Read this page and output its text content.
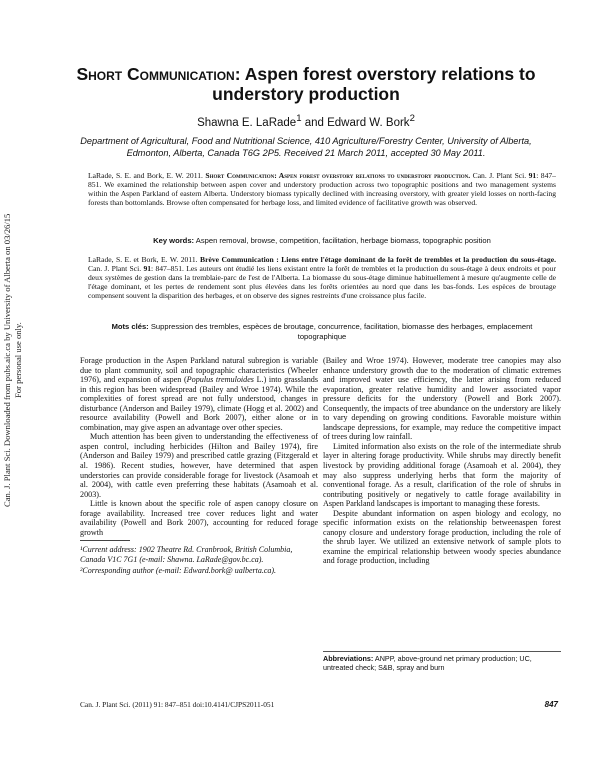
Can. J. Plant Sci. Downloaded from pubs.aic.ca by University of Alberta on 03/26/15
For personal use only.
Short Communication: Aspen forest overstory relations to understory production
Shawna E. LaRade$^1$ and Edward W. Bork$^2$
Department of Agricultural, Food and Nutritional Science, 410 Agriculture/Forestry Center, University of Alberta, Edmonton, Alberta, Canada T6G 2P5. Received 21 March 2011, accepted 30 May 2011.
LaRade, S. E. and Bork, E. W. 2011. Short Communication: Aspen forest overstory relations to understory production. Can. J. Plant Sci. 91: 847–851. We examined the relationship between aspen cover and understory production across two topographic positions and two management systems within the Aspen Parkland of eastern Alberta. Understory biomass typically declined with increasing overstory, with greater yield losses on north-facing forests than bottomlands. Browse often compensated for herbage loss, and limited evidence of facilitative growth was observed.
Key words: Aspen removal, browse, competition, facilitation, herbage biomass, topographic position
LaRade, S. E. et Bork, E. W. 2011. Brève Communication : Liens entre l'étage dominant de la forêt de trembles et la production du sous-étage. Can. J. Plant Sci. 91: 847–851. Les auteurs ont étudié les liens existant entre la forêt de trembles et la production du sous-étage à deux endroits et pour deux systèmes de gestion dans la tremblaie-parc de l'est de l'Alberta. La biomasse du sous-étage diminue habituellement à mesure qu'augmente celle de l'étage dominant, et les pertes de rendement sont plus élevées dans les forêts orientées au nord que dans les bas-fonds. Les espèces de broutage compensent souvent la disparition des herbages, et on observe des signes restreints d'une croissance plus facile.
Mots clés: Suppression des trembles, espèces de broutage, concurrence, facilitation, biomasse des herbages, emplacement topographique

Forage production in the Aspen Parkland natural subregion is variable due to plant community, soil and topographic characteristics (Wheeler 1976), and expansion of aspen (Populus tremuloides L.) into grasslands in this region has been widespread (Bailey and Wroe 1974). While the complexities of forest spread are not fully understood, changes in disturbance (Anderson and Bailey 1979), climate (Hogg et al. 2002) and resource availability (Powell and Bork 2007), either alone or in combination, may give aspen an advantage over other species.

Much attention has been given to understanding the effectiveness of aspen control, including herbicides (Hilton and Bailey 1974), fire (Anderson and Bailey 1979) and prescribed cattle grazing (Fitzgerald et al. 1986). Recent studies, however, have determined that aspen understories can provide considerable forage for livestock (Asamoah et al. 2004), with cattle even preferring these habitats (Asamoah et al. 2003).

Little is known about the specific role of aspen canopy closure on forage availability. Increased tree cover reduces light and water availability (Powell and Bork 2007), accounting for reduced forage growth

¹Current address: 1902 Theatre Rd. Cranbrook, British Columbia, Canada V1C 7G1 (e-mail: Shawna. LaRade@gov.bc.ca).
²Corresponding author (e-mail: Edward.bork@ ualberta.ca).

(Bailey and Wroe 1974). However, moderate tree canopies may also enhance understory growth due to the moderation of climatic extremes and improved water use efficiency, the latter arising from reduced evaporation, greater relative humidity and lower associated vapor pressure deficits for the understory (Powell and Bork 2007). Consequently, the impacts of tree abundance on the understory are likely to vary depending on growing conditions. Favorable moisture within landscape depressions, for example, may reduce the competitive impact of trees during low rainfall.

Limited information also exists on the role of the intermediate shrub layer in altering forage productivity. While shrubs may directly benefit livestock by providing additional forage (Asamoah et al. 2004), they may also suppress underlying herbs that form the majority of conventional forage. As a result, clarification of the role of shrubs in contributing positively or negatively to cattle forage availability in Aspen Parkland landscapes is important to managing these forests.

Despite abundant information on aspen biology and ecology, no specific information exists on the relationship betweenaspen forest canopy closure and understory forage production, including the role of the shrub layer. We utilized an extensive network of sample plots to examine the empirical relationship between woody species abundance and forage production, including

Abbreviations: ANPP, above-ground net primary production; UC, untreated check; S&B, spray and burn
Can. J. Plant Sci. (2011) 91: 847–851 doi:10.4141/CJPS2011-051	847
